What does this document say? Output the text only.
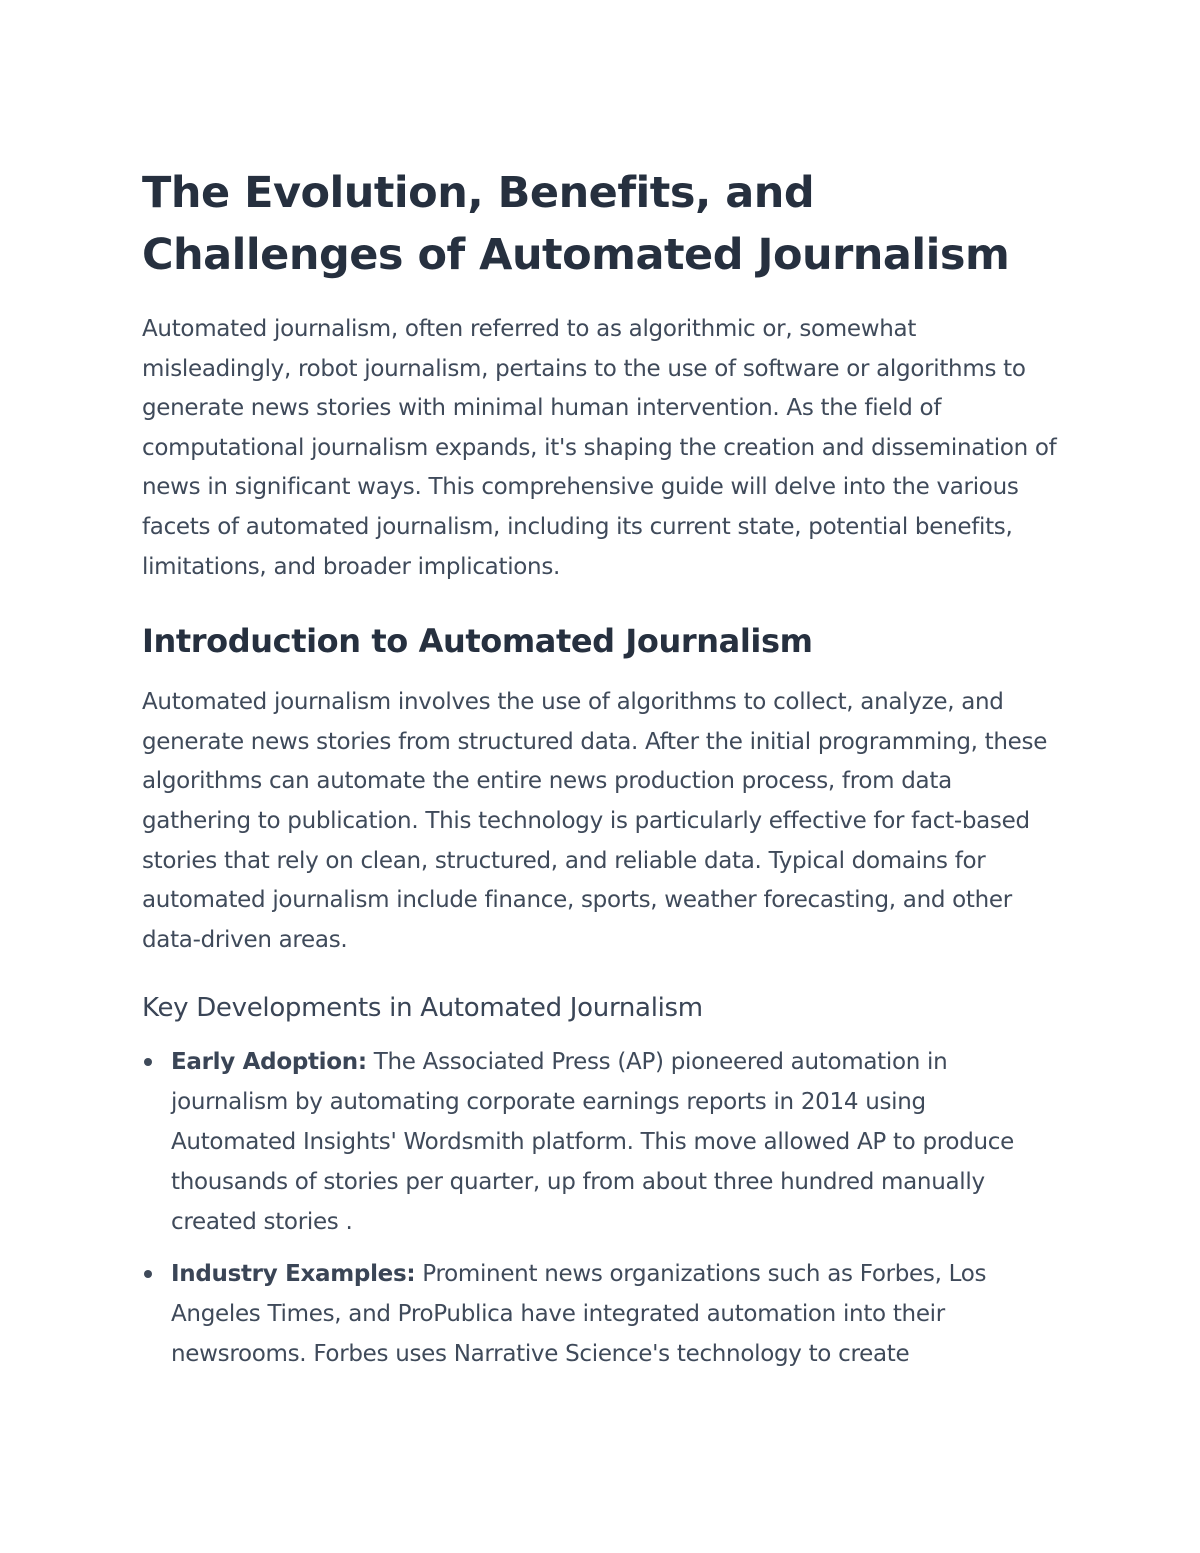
The Evolution, Benefits, and Challenges of Automated Journalism

Automated journalism, often referred to as algorithmic or, somewhat misleadingly, robot journalism, pertains to the use of software or algorithms to generate news stories with minimal human intervention. As the field of computational journalism expands, it's shaping the creation and dissemination of news in significant ways. This comprehensive guide will delve into the various facets of automated journalism, including its current state, potential benefits, limitations, and broader implications.

Introduction to Automated Journalism

Automated journalism involves the use of algorithms to collect, analyze, and generate news stories from structured data. After the initial programming, these algorithms can automate the entire news production process, from data gathering to publication. This technology is particularly effective for fact-based stories that rely on clean, structured, and reliable data. Typical domains for automated journalism include finance, sports, weather forecasting, and other data-driven areas.

Key Developments in Automated Journalism
Early Adoption: The Associated Press (AP) pioneered automation in journalism by automating corporate earnings reports in 2014 using Automated Insights' Wordsmith platform. This move allowed AP to produce thousands of stories per quarter, up from about three hundred manually created stories .
Industry Examples: Prominent news organizations such as Forbes, Los Angeles Times, and ProPublica have integrated automation into their newsrooms. Forbes uses Narrative Science's technology to create
